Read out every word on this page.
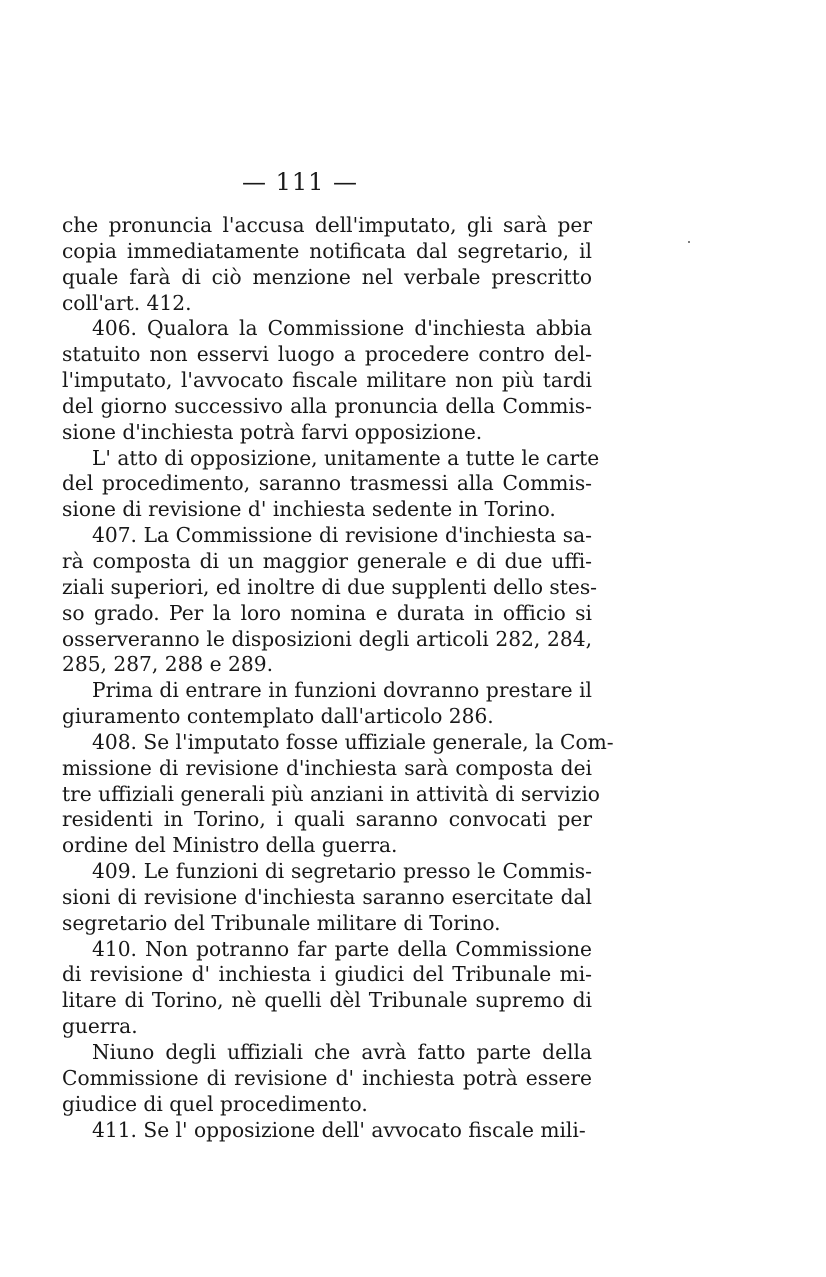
— 111 —
che pronuncia l'accusa dell'imputato, gli sarà per
copia immediatamente notificata dal segretario, il
quale farà di ciò menzione nel verbale prescritto
coll'art. 412.
406. Qualora la Commissione d'inchiesta abbia
statuito non esservi luogo a procedere contro del-
l'imputato, l'avvocato fiscale militare non più tardi
del giorno successivo alla pronuncia della Commis-
sione d'inchiesta potrà farvi opposizione.
L' atto di opposizione, unitamente a tutte le carte
del procedimento, saranno trasmessi alla Commis-
sione di revisione d' inchiesta sedente in Torino.
407. La Commissione di revisione d'inchiesta sa-
rà composta di un maggior generale e di due uffi-
ziali superiori, ed inoltre di due supplenti dello stes-
so grado. Per la loro nomina e durata in officio si
osserveranno le disposizioni degli articoli 282, 284,
285, 287, 288 e 289.
Prima di entrare in funzioni dovranno prestare il
giuramento contemplato dall'articolo 286.
408. Se l'imputato fosse uffiziale generale, la Com-
missione di revisione d'inchiesta sarà composta dei
tre uffiziali generali più anziani in attività di servizio
residenti in Torino, i quali saranno convocati per
ordine del Ministro della guerra.
409. Le funzioni di segretario presso le Commis-
sioni di revisione d'inchiesta saranno esercitate dal
segretario del Tribunale militare di Torino.
410. Non potranno far parte della Commissione
di revisione d' inchiesta i giudici del Tribunale mi-
litare di Torino, nè quelli dèl Tribunale supremo di
guerra.
Niuno degli uffiziali che avrà fatto parte della
Commissione di revisione d' inchiesta potrà essere
giudice di quel procedimento.
411. Se l' opposizione dell' avvocato fiscale mili-
